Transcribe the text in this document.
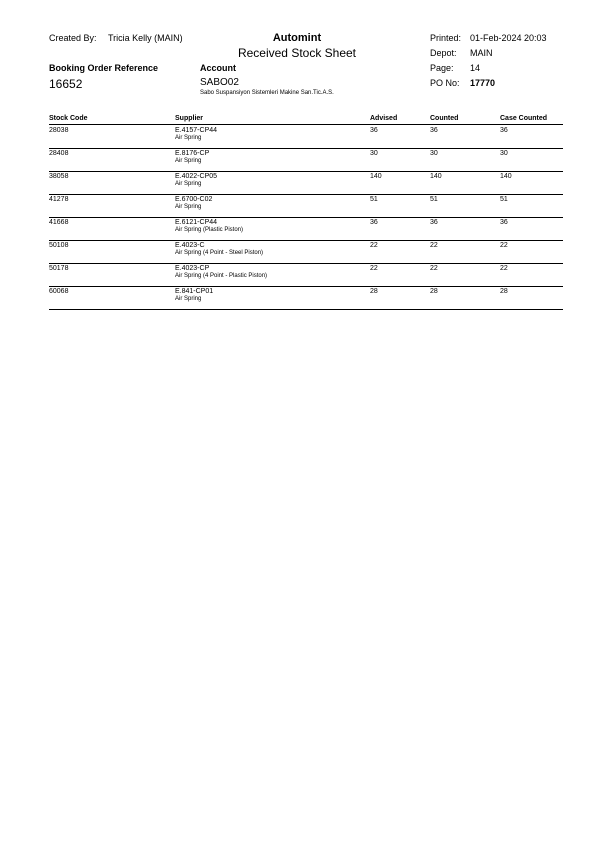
Created By: Tricia Kelly (MAIN)	Automint
Received Stock Sheet
Printed: 01-Feb-2024 20:03
Depot: MAIN
Page: 14
Booking Order Reference
16652
Account
SABO02
Sabo Suspansiyon Sistemleri Makine San.Tic.A.S.
PO No: 17770
Stock Code	Supplier	Advised	Counted	Case Counted
28038	E.4157-CP44
Air Spring
36	36	36
28408	E.8176-CP
Air Spring
30	30	30
38058	E.4022-CP05
Air Spring
140	140	140
41278	E.6700-C02
Air Spring
51	51	51
41668	E.6121-CP44
Air Spring (Plastic Piston)
36	36	36
50108	E.4023-C
Air Spring (4 Point - Steel Piston)
22	22	22
50178	E.4023-CP
Air Spring (4 Point - Plastic Piston)
22	22	22
60068	E.841-CP01
Air Spring
28	28	28
